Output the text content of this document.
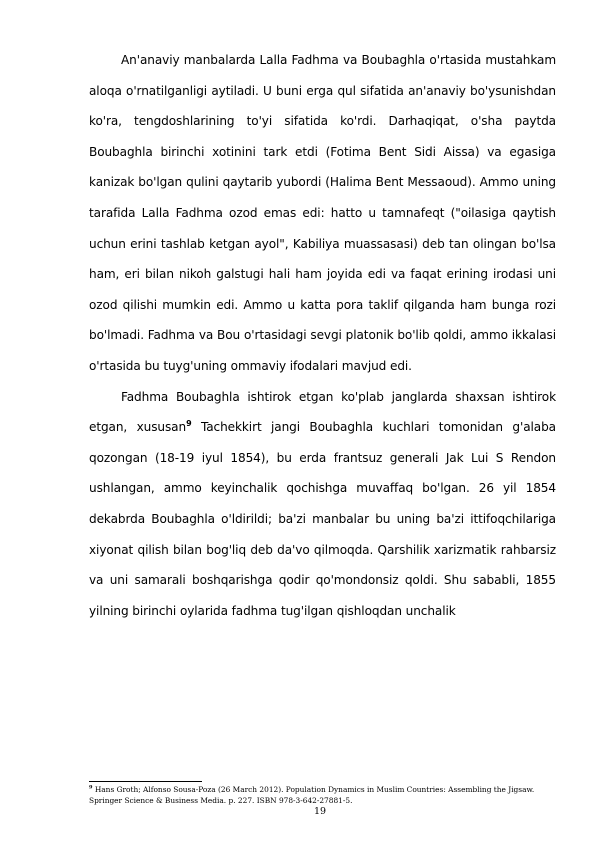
An'anaviy manbalarda Lalla Fadhma va Boubaghla o'rtasida mustahkam aloqa o'rnatilganligi aytiladi. U buni erga qul sifatida an'anaviy bo'ysunishdan ko'ra, tengdoshlarining to'yi sifatida ko'rdi. Darhaqiqat, o'sha paytda Boubaghla birinchi xotinini tark etdi (Fotima Bent Sidi Aissa) va egasiga kanizak bo'lgan qulini qaytarib yubordi (Halima Bent Messaoud). Ammo uning tarafida Lalla Fadhma ozod emas edi: hatto u tamnafeqt ("oilasiga qaytish uchun erini tashlab ketgan ayol", Kabiliya muassasasi) deb tan olingan bo'lsa ham, eri bilan nikoh galstugi hali ham joyida edi va faqat erining irodasi uni ozod qilishi mumkin edi. Ammo u katta pora taklif qilganda ham bunga rozi bo'lmadi. Fadhma va Bou o'rtasidagi sevgi platonik bo'lib qoldi, ammo ikkalasi o'rtasida bu tuyg'uning ommaviy ifodalari mavjud edi.

Fadhma Boubaghla ishtirok etgan ko'plab janglarda shaxsan ishtirok etgan, xususan$^9$ Tachekkirt jangi Boubaghla kuchlari tomonidan g'alaba qozongan (18-19 iyul 1854), bu erda frantsuz generali Jak Lui S Rendon ushlangan, ammo keyinchalik qochishga muvaffaq bo'lgan. 26 yil 1854 dekabrda Boubaghla o'ldirildi; ba'zi manbalar bu uning ba'zi ittifoqchilariga xiyonat qilish bilan bog'liq deb da'vo qilmoqda. Qarshilik xarizmatik rahbarsiz va uni samarali boshqarishga qodir qo'mondonsiz qoldi. Shu sababli, 1855 yilning birinchi oylarida fadhma tug'ilgan qishloqdan unchalik

$^9$ Hans Groth; Alfonso Sousa-Poza (26 March 2012). Population Dynamics in Muslim Countries: Assembling the Jigsaw. Springer Science & Business Media. p. 227. ISBN 978-3-642-27881-5.
19
